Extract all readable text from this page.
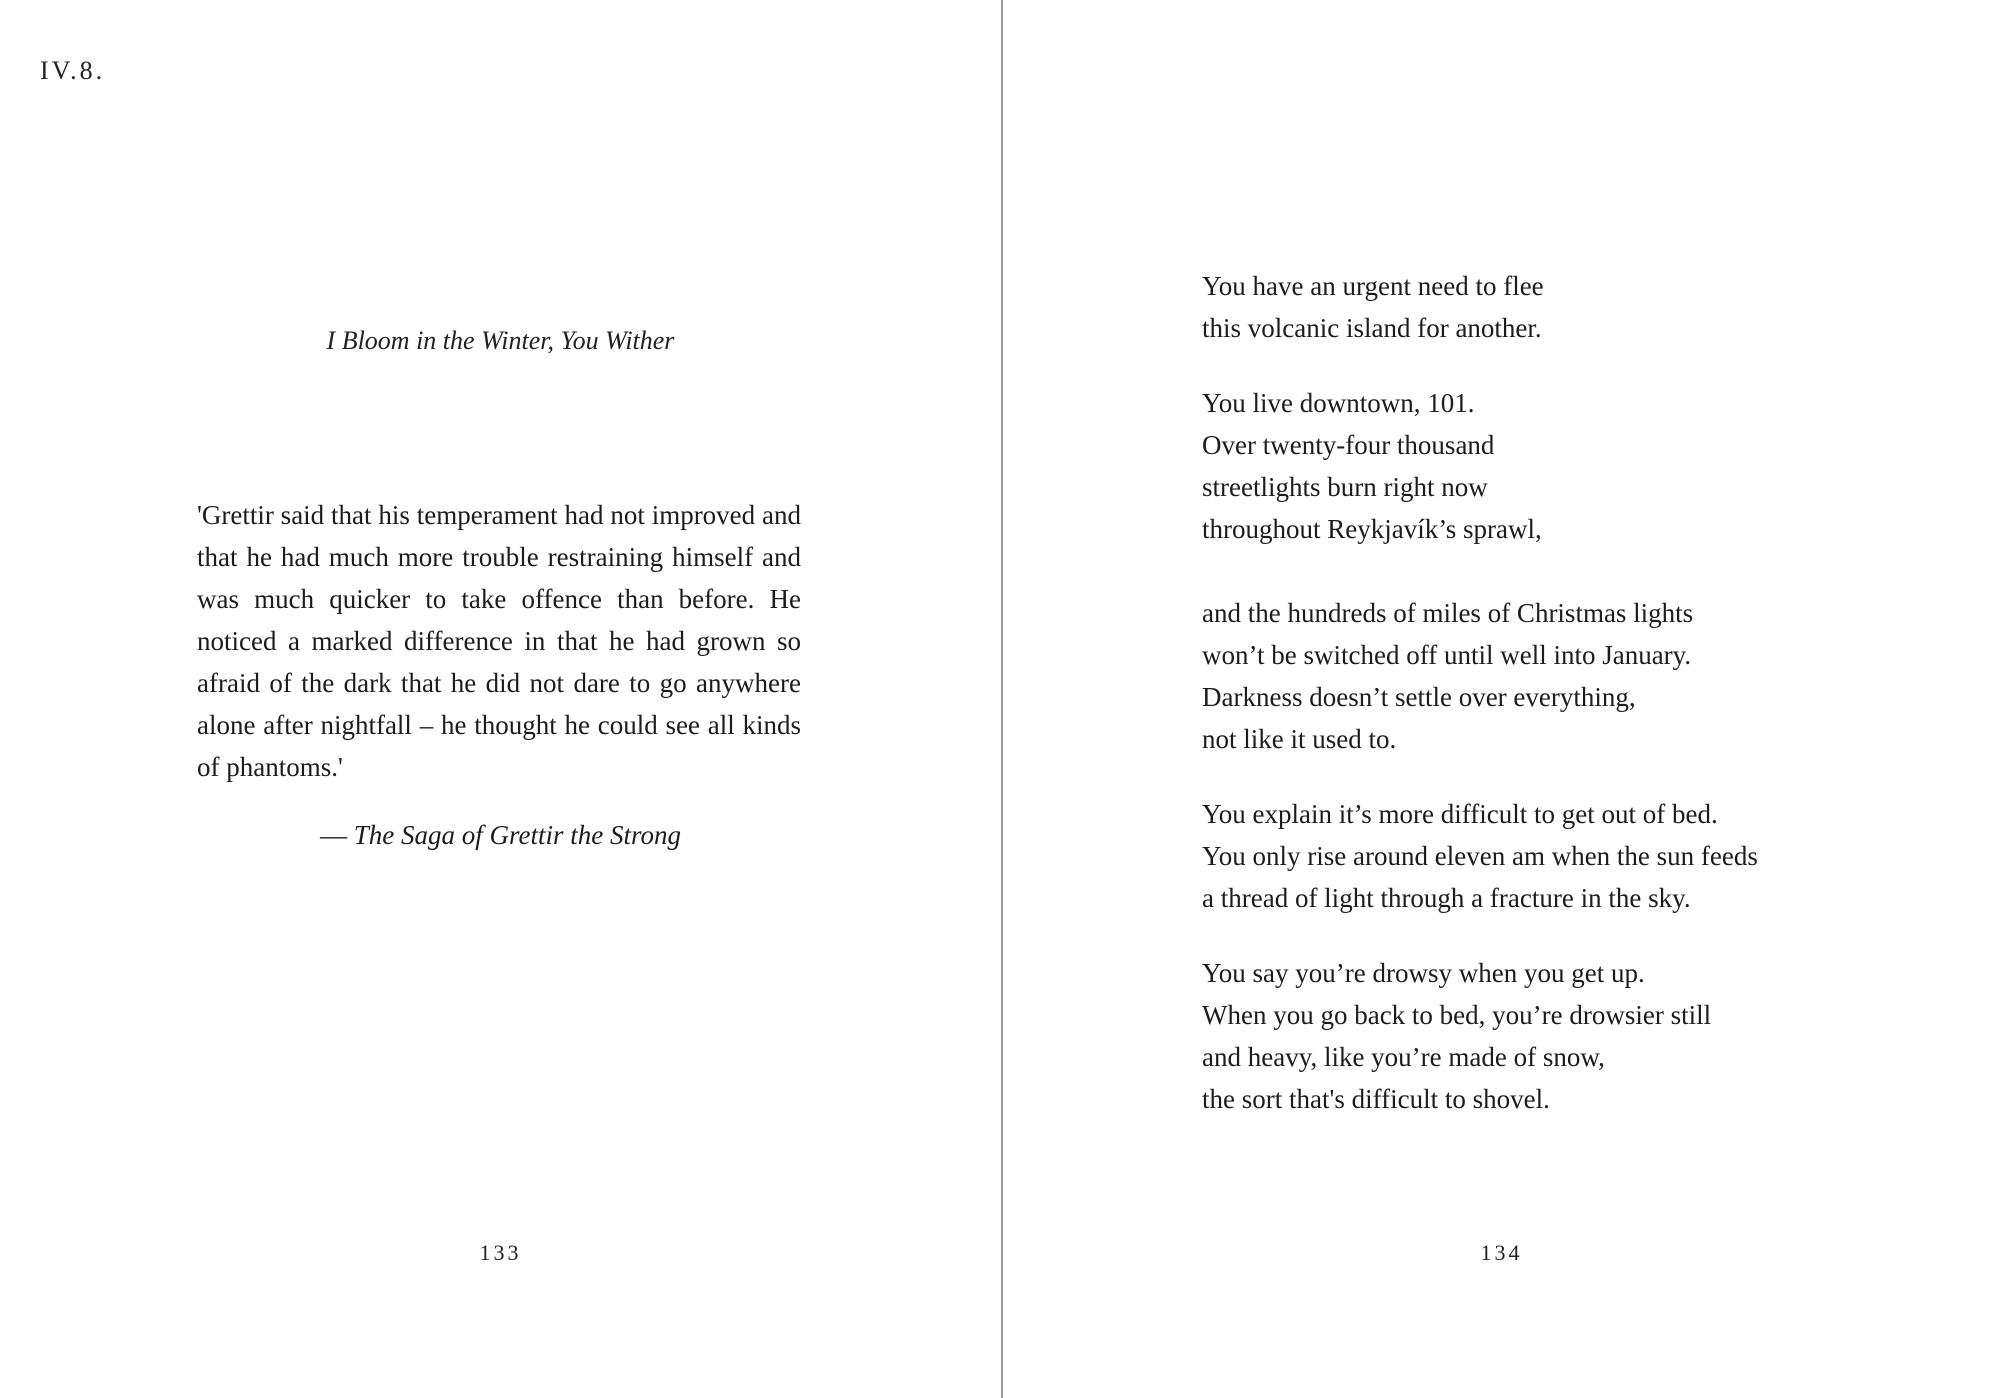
IV.8.
I Bloom in the Winter, You Wither
'Grettir said that his temperament had not improved and that he had much more trouble restraining himself and was much quicker to take offence than before. He noticed a marked difference in that he had grown so afraid of the dark that he did not dare to go anywhere alone after nightfall – he thought he could see all kinds of phantoms.'
— The Saga of Grettir the Strong
133
You have an urgent need to flee
this volcanic island for another.
You live downtown, 101.
Over twenty-four thousand
streetlights burn right now
throughout Reykjavík’s sprawl,
and the hundreds of miles of Christmas lights
won’t be switched off until well into January.
Darkness doesn’t settle over everything,
not like it used to.
You explain it’s more difficult to get out of bed.
You only rise around eleven am when the sun feeds
a thread of light through a fracture in the sky.
You say you’re drowsy when you get up.
When you go back to bed, you’re drowsier still
and heavy, like you’re made of snow,
the sort that's difficult to shovel.
134
